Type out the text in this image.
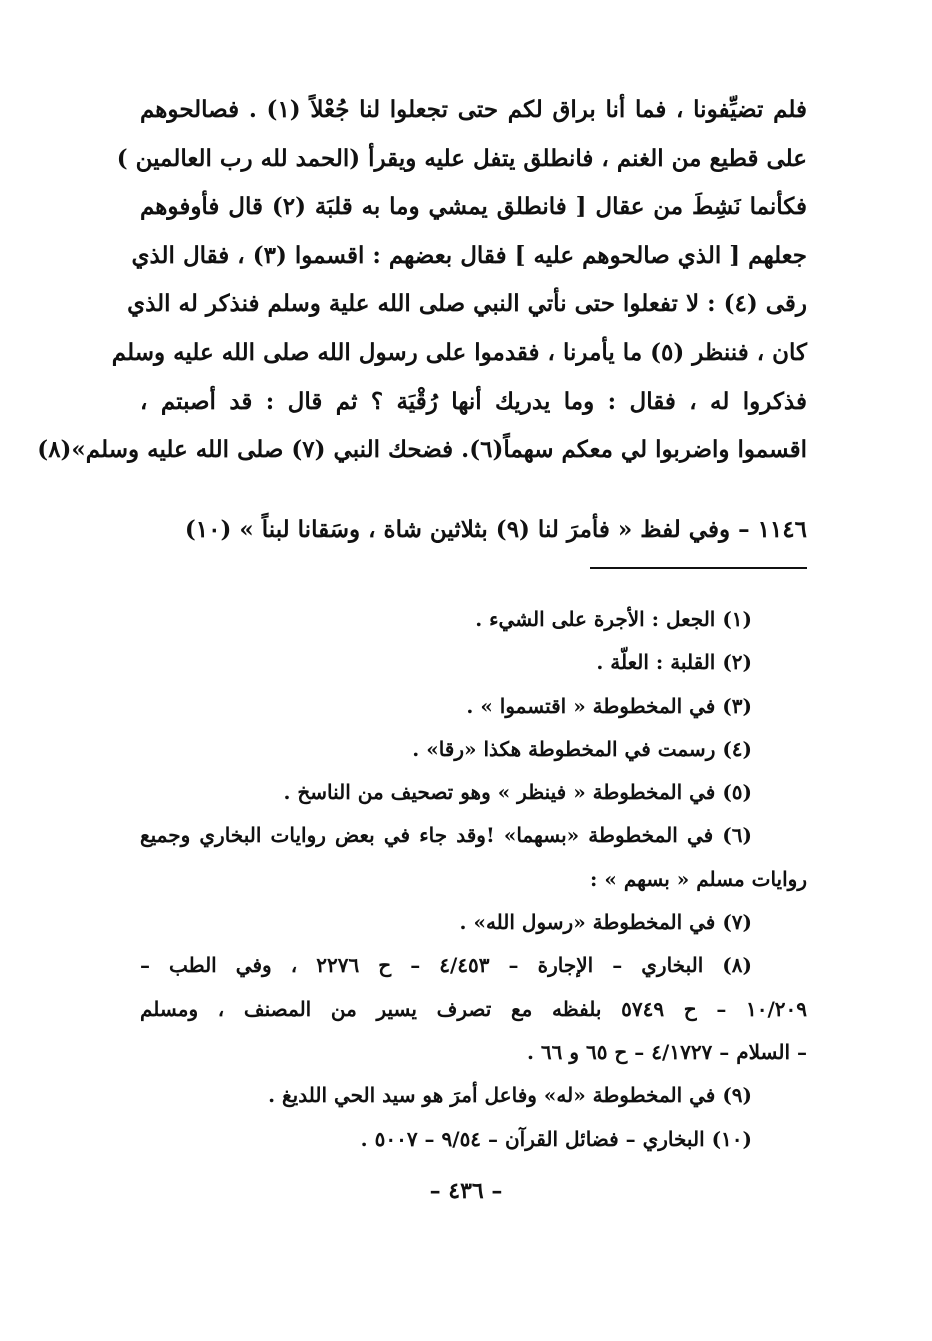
فلم تضيِّفونا ، فما أنا براق لكم حتى تجعلوا لنا جُعْلاً (١) . فصالحوهم
على قطيع من الغنم ، فانطلق يتفل عليه ويقرأ (الحمد لله رب العالمين )
فكأنما نَشِطَ من عقال [ فانطلق يمشي وما به قلبَة (٢) قال فأوفوهم
جعلهم [ الذي صالحوهم عليه ] فقال بعضهم : اقسموا (٣) ، فقال الذي
رقى (٤) : لا تفعلوا حتى نأتي النبي صلى الله علية وسلم فنذكر له الذي
كان ، فننظر (٥) ما يأمرنا ، فقدموا على رسول الله صلى الله عليه وسلم
فذكروا له ، فقال : وما يدريك أنها رُقْيَة ؟ ثم قال : قد أصبتم ،
اقسموا واضربوا لي معكم سهماً(٦). فضحك النبي (٧) صلى الله عليه وسلم»(٨)
١١٤٦ – وفي لفظ « فأمرَ لنا (٩) بثلاثين شاة ، وسَقانا لبناً » (١٠)
(١) الجعل : الأجرة على الشيء .
(٢) القلبة : العلّة .
(٣) في المخطوطة « اقتسموا » .
(٤) رسمت في المخطوطة هكذا «رقا» .
(٥) في المخطوطة « فينظر » وهو تصحيف من الناسخ .
(٦) في المخطوطة «بسهما» !وقد جاء في بعض روايات البخاري وجميع
روايات مسلم « بسهم » :
(٧) في المخطوطة «رسول الله» .
(٨) البخاري – الإجارة – ٤/٤٥٣ – ح ٢٢٧٦ ، وفي الطب –
١٠/٢٠٩ – ح ٥٧٤٩ بلفظه مع تصرف يسير من المصنف ، ومسلم
– السلام – ٤/١٧٢٧ – ح ٦٥ و ٦٦ .
(٩) في المخطوطة «له» وفاعل أمرَ هو سيد الحي اللديغ .
(١٠) البخاري – فضائل القرآن – ٩/٥٤ – ٥٠٠٧ .
– ٤٣٦ –
